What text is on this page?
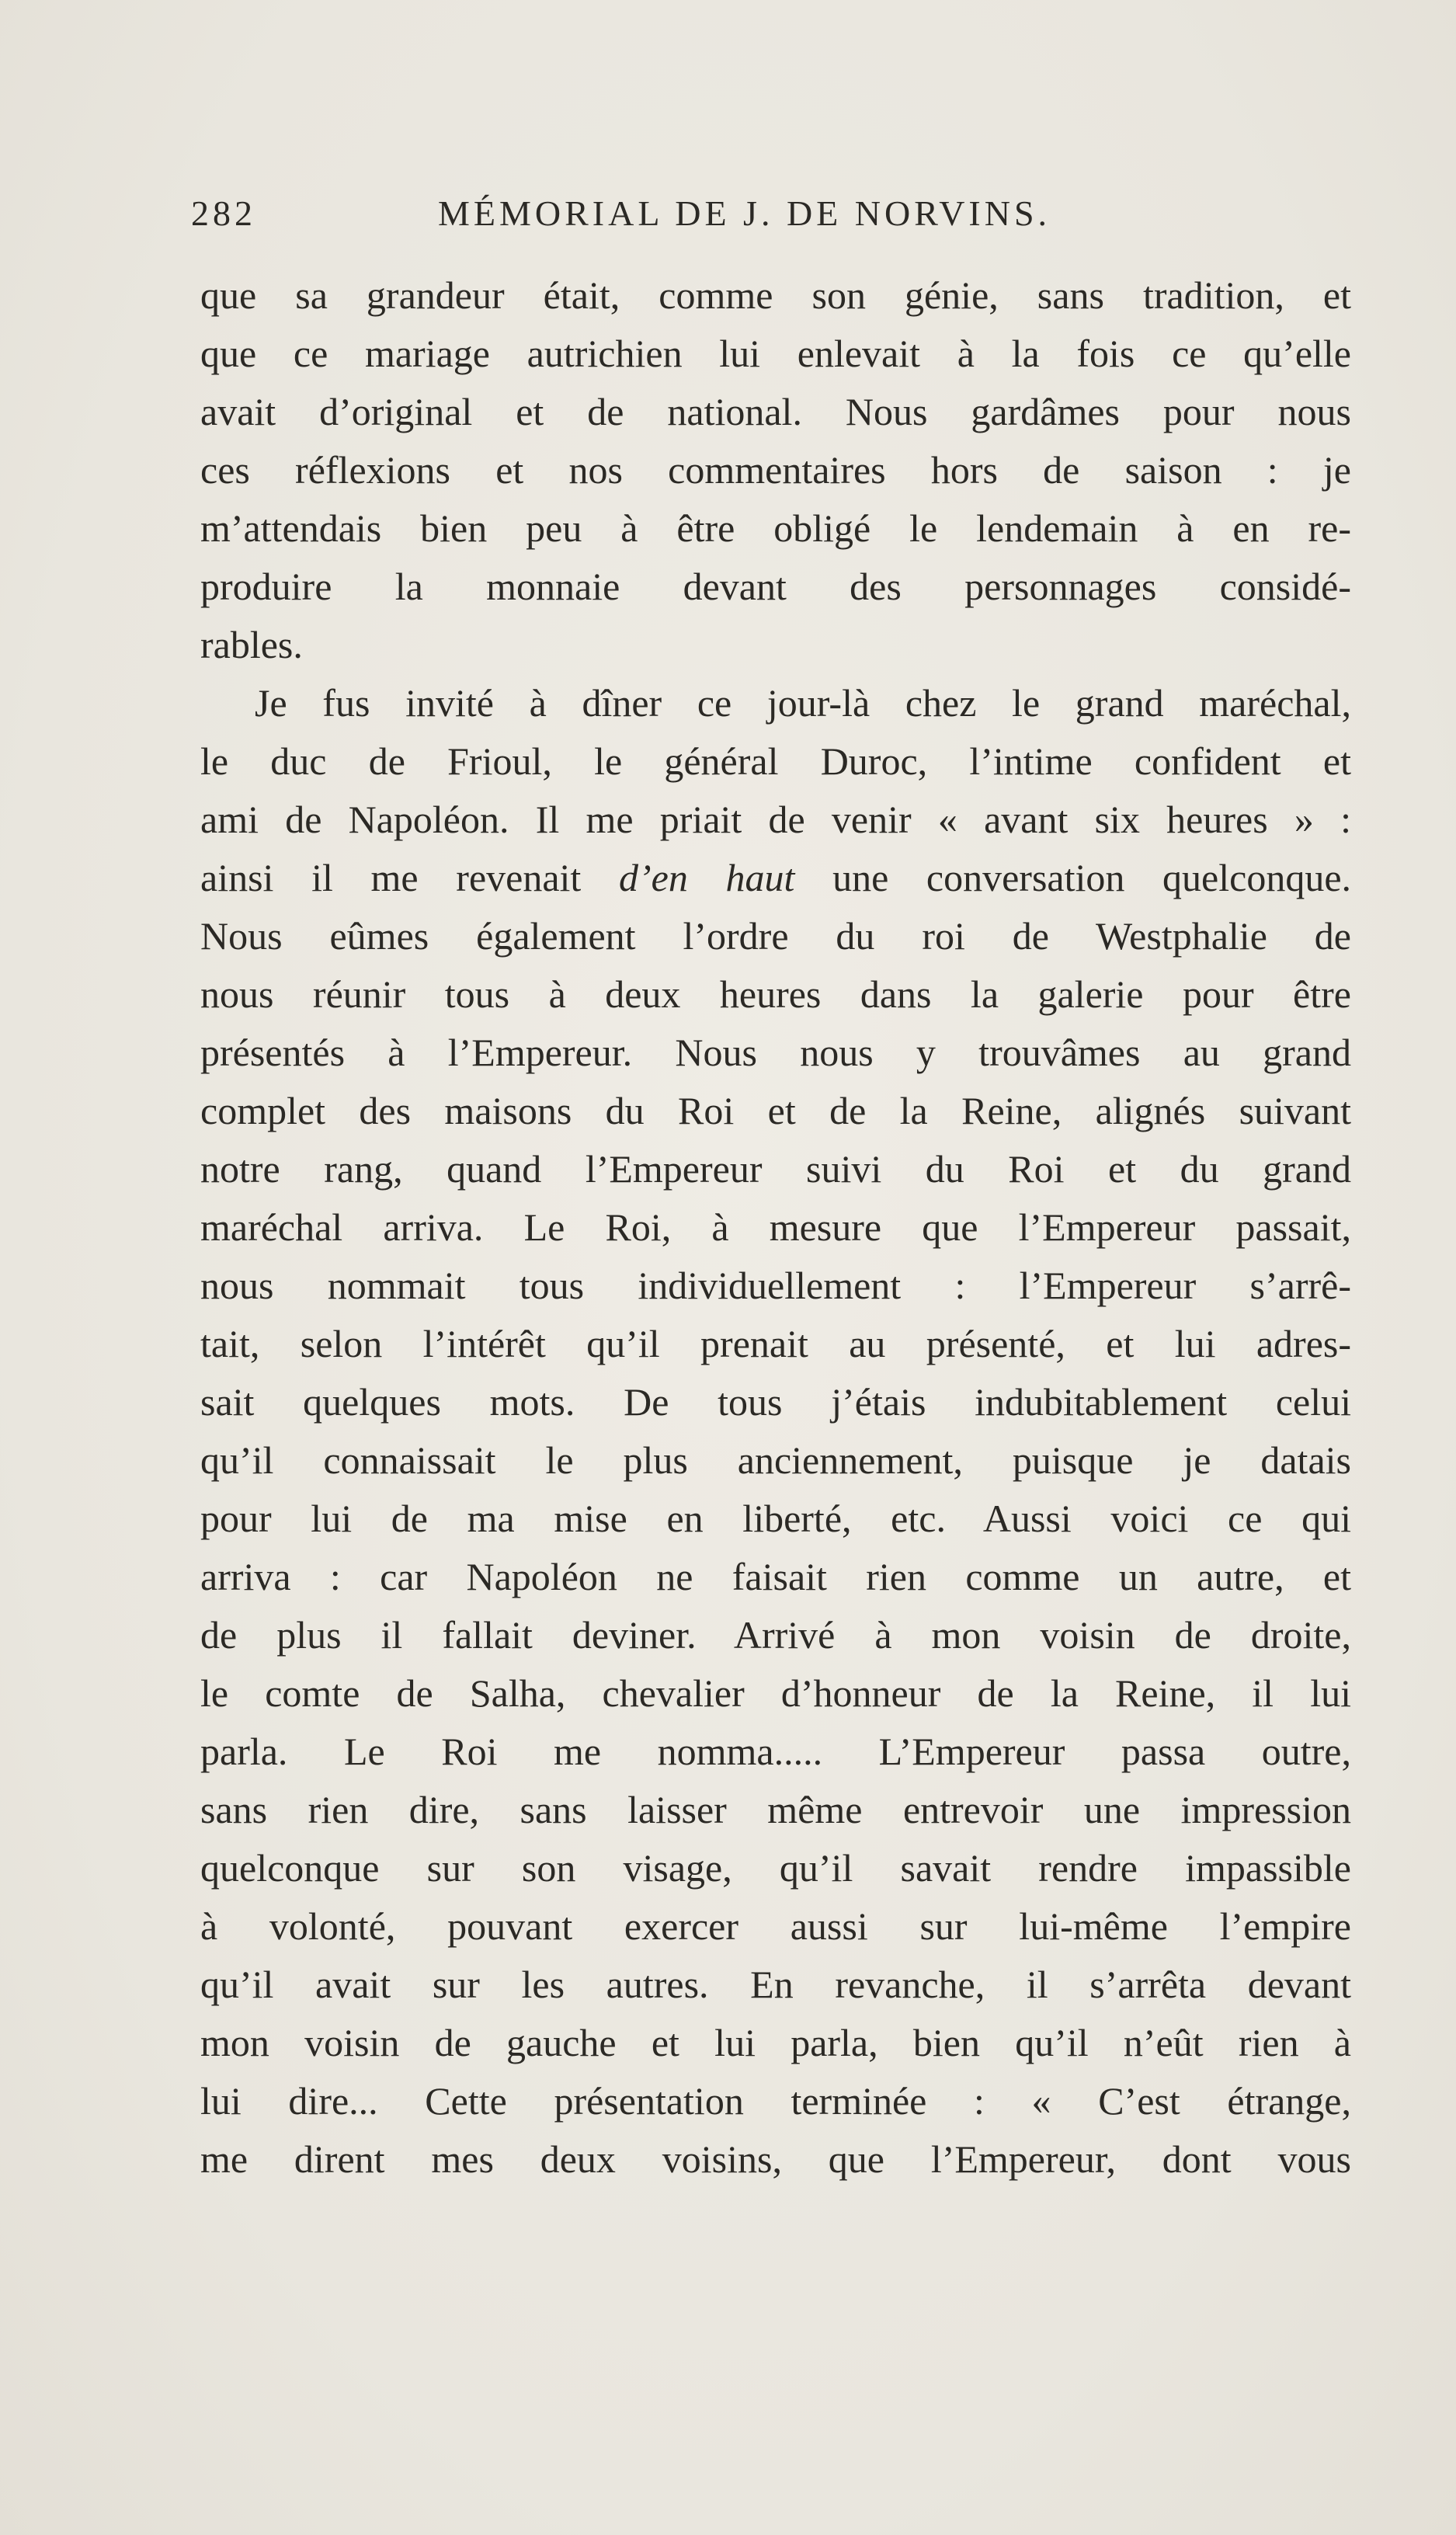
282	MÉMORIAL DE J. DE NORVINS.
que sa grandeur était, comme son génie, sans tradition, et
que ce mariage autrichien lui enlevait à la fois ce qu’elle
avait d’original et de national. Nous gardâmes pour nous
ces réflexions et nos commentaires hors de saison : je
m’attendais bien peu à être obligé le lendemain à en re-
produire la monnaie devant des personnages considé-
rables.
Je fus invité à dîner ce jour-là chez le grand maréchal,
le duc de Frioul, le général Duroc, l’intime confident et
ami de Napoléon. Il me priait de venir « avant six heures » :
ainsi il me revenait d’en haut une conversation quelconque.
Nous eûmes également l’ordre du roi de Westphalie de
nous réunir tous à deux heures dans la galerie pour être
présentés à l’Empereur. Nous nous y trouvâmes au grand
complet des maisons du Roi et de la Reine, alignés suivant
notre rang, quand l’Empereur suivi du Roi et du grand
maréchal arriva. Le Roi, à mesure que l’Empereur passait,
nous nommait tous individuellement : l’Empereur s’arrê-
tait, selon l’intérêt qu’il prenait au présenté, et lui adres-
sait quelques mots. De tous j’étais indubitablement celui
qu’il connaissait le plus anciennement, puisque je datais
pour lui de ma mise en liberté, etc. Aussi voici ce qui
arriva : car Napoléon ne faisait rien comme un autre, et
de plus il fallait deviner. Arrivé à mon voisin de droite,
le comte de Salha, chevalier d’honneur de la Reine, il lui
parla. Le Roi me nomma..... L’Empereur passa outre,
sans rien dire, sans laisser même entrevoir une impression
quelconque sur son visage, qu’il savait rendre impassible
à volonté, pouvant exercer aussi sur lui-même l’empire
qu’il avait sur les autres. En revanche, il s’arrêta devant
mon voisin de gauche et lui parla, bien qu’il n’eût rien à
lui dire... Cette présentation terminée : « C’est étrange,
me dirent mes deux voisins, que l’Empereur, dont vous
